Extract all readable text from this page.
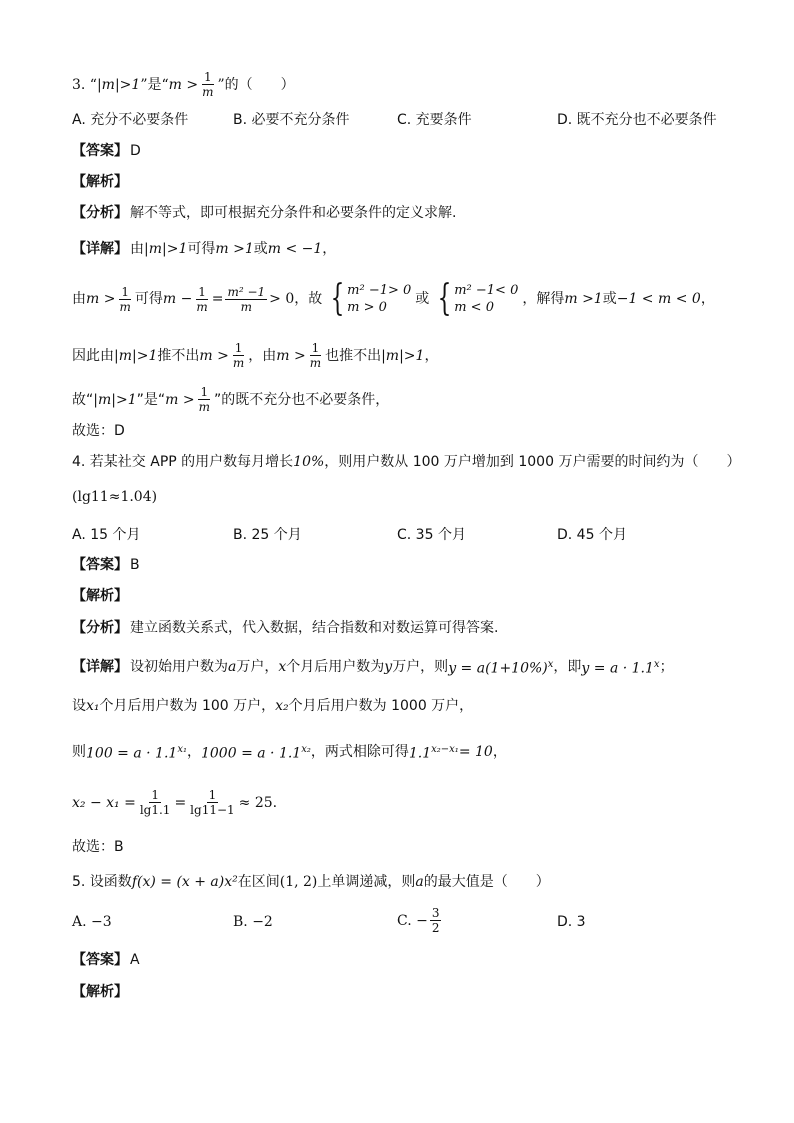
3. “ |m|>1 ”是“ $m > \frac{1}{m}$ ”的（　　）
A. 充分不必要条件	B. 必要不充分条件	C. 充要条件	D. 既不充分也不必要条件
【答案】 D
【解析】
【分析】 解不等式，即可根据充分条件和必要条件的定义求解.
【详解】 由 |m|>1 可得 m >1 或 m < −1 ，
由 $m > \frac{1}{m}$ 可得 $m - \frac{1}{m} = \frac{\text{m² −1}}{m} > 0$ ，故 { m² −1> 0
m > 0
或 { m² −1< 0
m < 0
，解得 m >1 或 −1 < m < 0 ，
因此由 |m|>1 推不出 $m > \frac{1}{m}$ ，由 $m > \frac{1}{m}$ 也推不出 |m|>1 ，
故“ |m|>1 ”是“ $m > \frac{1}{m}$ ”的既不充分也不必要条件，
故选：D
4. 若某社交 APP 的用户数每月增长 10% ，则用户数从 100 万户增加到 1000 万户需要的时间约为（　　）
(lg11≈1.04)
A. 15 个月	B. 25 个月	C. 35 个月	D. 45 个月
【答案】 B
【解析】
【分析】 建立函数关系式，代入数据，结合指数和对数运算可得答案.
【详解】 设初始用户数为 a 万户， x 个月后用户数为 y 万户，则 $y = a(1+10\%)^x$ ，即 $y = a \cdot 1.1^x$ ；
设 x₁ 个月后用户数为 100 万户， x₂ 个月后用户数为 1000 万户，
则 $100 = a \cdot 1.1^{x_1}$ ， $1000 = a \cdot 1.1^{x_2}$ ，两式相除可得 $1.1^{x_2-x_1} = 10$ ，
$x_2 - x_1 = \frac{1}{\lg 1.1} = \frac{1}{\lg 11-1} \approx 25$ .
故选：B
5. 设函数 f(x) = (x + a)x² 在区间 (1, 2) 上单调递减，则 a 的最大值是（　　）
A. −3	B. −2	C. − $\frac{3}{2}$	D. 3
【答案】 A
【解析】
